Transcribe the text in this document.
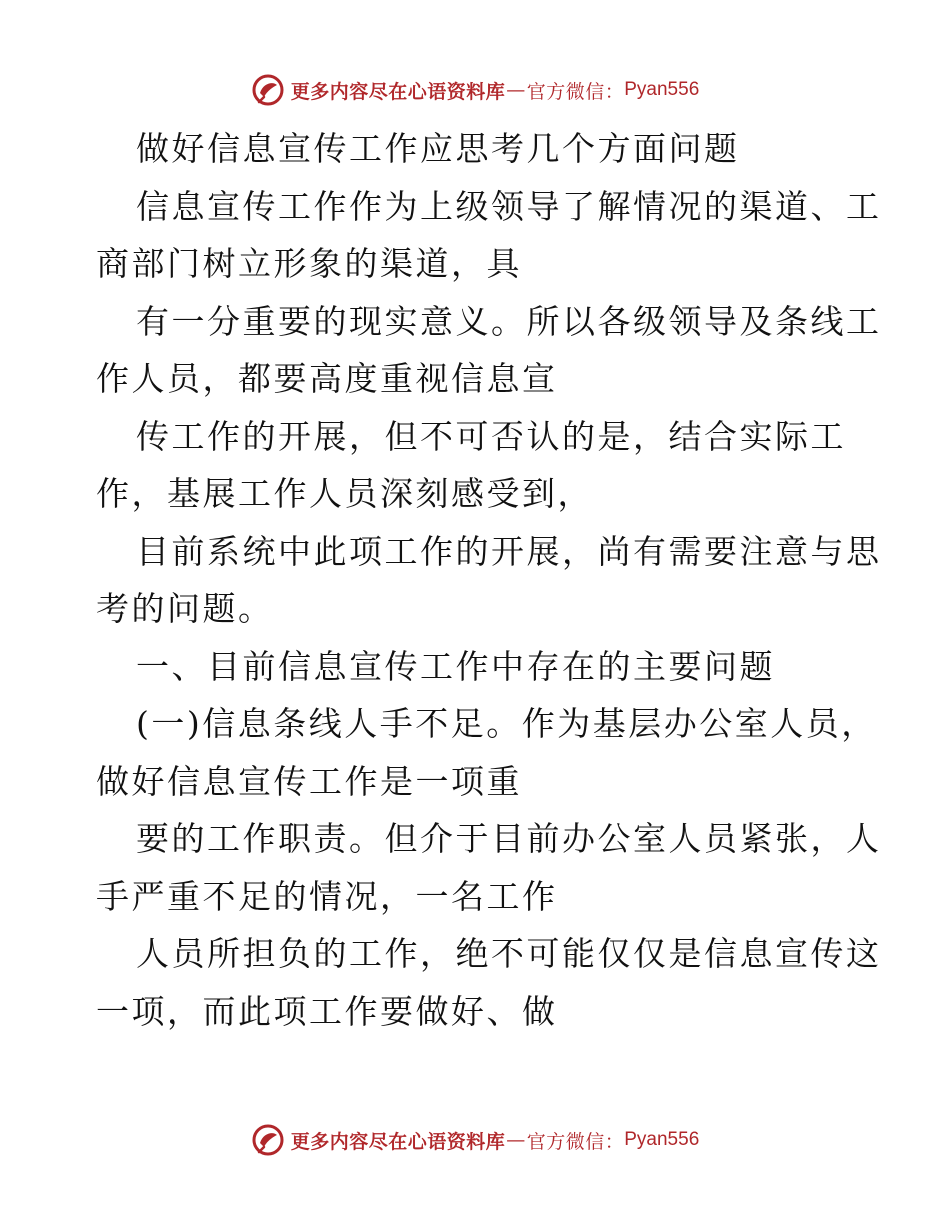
更多内容尽在心语资料库 — 官方微信： Pyan556
做好信息宣传工作应思考几个方面问题
信息宣传工作作为上级领导了解情况的渠道、工
商部门树立形象的渠道，具
有一分重要的现实意义。所以各级领导及条线工
作人员，都要高度重视信息宣
传工作的开展，但不可否认的是，结合实际工
作，基展工作人员深刻感受到，
目前系统中此项工作的开展，尚有需要注意与思
考的问题。
一、目前信息宣传工作中存在的主要问题
(一)信息条线人手不足。作为基层办公室人员，
做好信息宣传工作是一项重
要的工作职责。但介于目前办公室人员紧张，人
手严重不足的情况，一名工作
人员所担负的工作，绝不可能仅仅是信息宣传这
一项，而此项工作要做好、做
更多内容尽在心语资料库 — 官方微信： Pyan556
